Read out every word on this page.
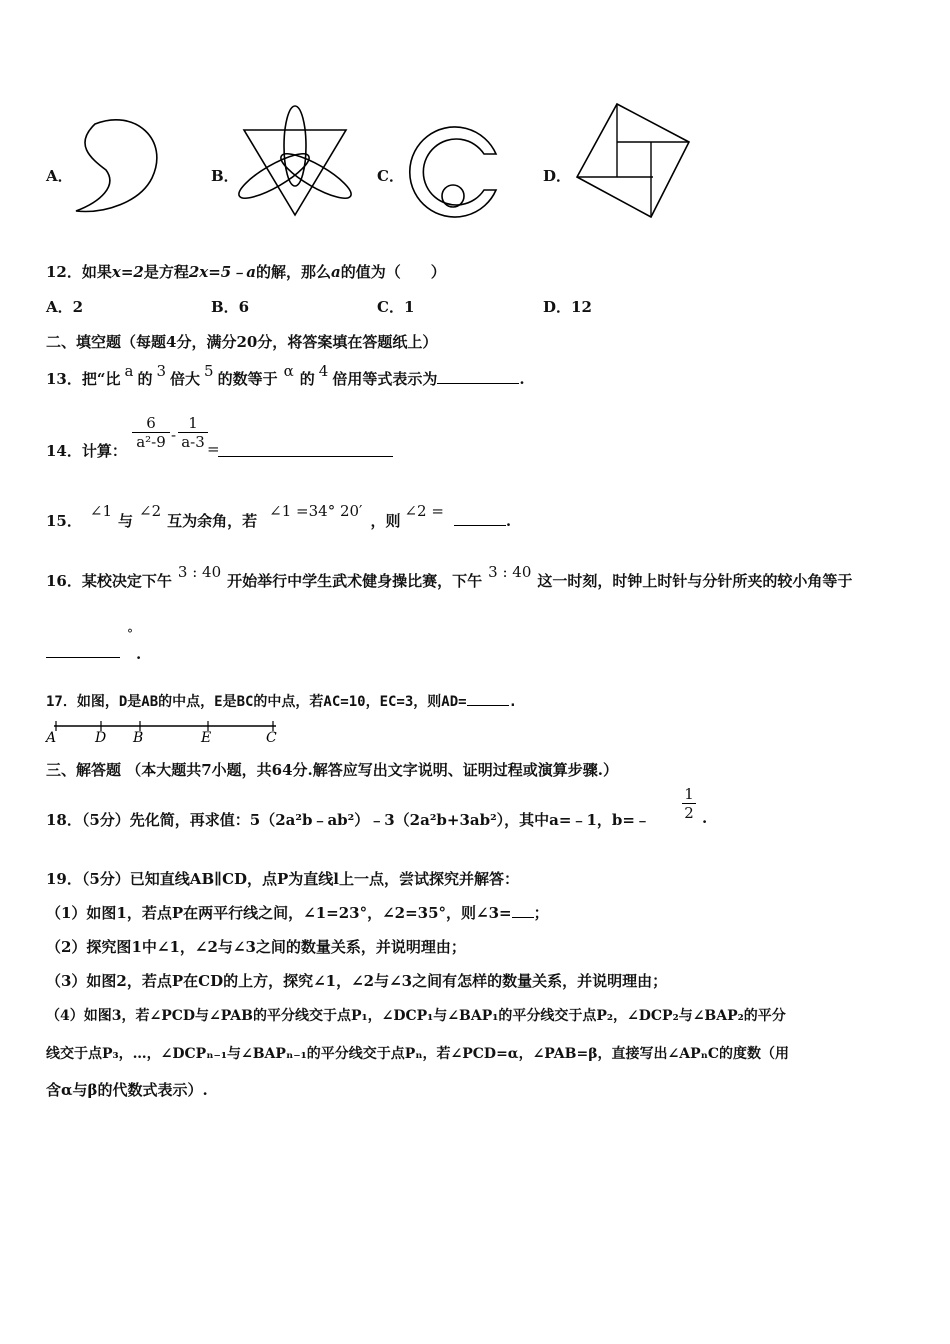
A．	B．	C．	D．
12．如果x=2是方程2x=5﹣a的解，那么a的值为（　　）
A．2	B．6	C．1	D．12
二、填空题（每题4分，满分20分，将答案填在答题纸上）
13．把“比 a 的 3 倍大 5 的数等于 α 的 4 倍用等式表示为	.
14．计算： $\frac{6}{\text{a²-9}} - \frac{1}{a-3}$ =
15．∠1与∠2互为余角，若∠1 =34° 20′，则∠2 =.
16．某校决定下午 3 : 40 开始举行中学生武术健身操比赛，下午 3 : 40 这一时刻，时钟上时针与分针所夹的较小角等于
°
.
17．如图，D是AB的中点，E是BC的中点，若AC=10，EC=3，则AD=	.
A	D B	E	C
三、解答题 （本大题共7小题，共64分.解答应写出文字说明、证明过程或演算步骤.）
18．（5分）先化简，再求值：5（2a²b﹣ab²）﹣3（2a²b+3ab²），其中a=﹣1，b=﹣ $\frac{1}{2}$ .
19．（5分）已知直线AB∥CD，点P为直线l上一点，尝试探究并解答：
（1）如图1，若点P在两平行线之间，∠1=23°，∠2=35°，则∠3= ；
（2）探究图1中∠1，∠2与∠3之间的数量关系，并说明理由；
（3）如图2，若点P在CD的上方，探究∠1，∠2与∠3之间有怎样的数量关系，并说明理由；
（4）如图3，若∠PCD与∠PAB的平分线交于点P₁，∠DCP₁与∠BAP₁的平分线交于点P₂，∠DCP₂与∠BAP₂的平分
线交于点P₃，…，∠DCPₙ₋₁与∠BAPₙ₋₁的平分线交于点Pₙ，若∠PCD=α，∠PAB=β，直接写出∠APₙC的度数（用
含α与β的代数式表示）.
